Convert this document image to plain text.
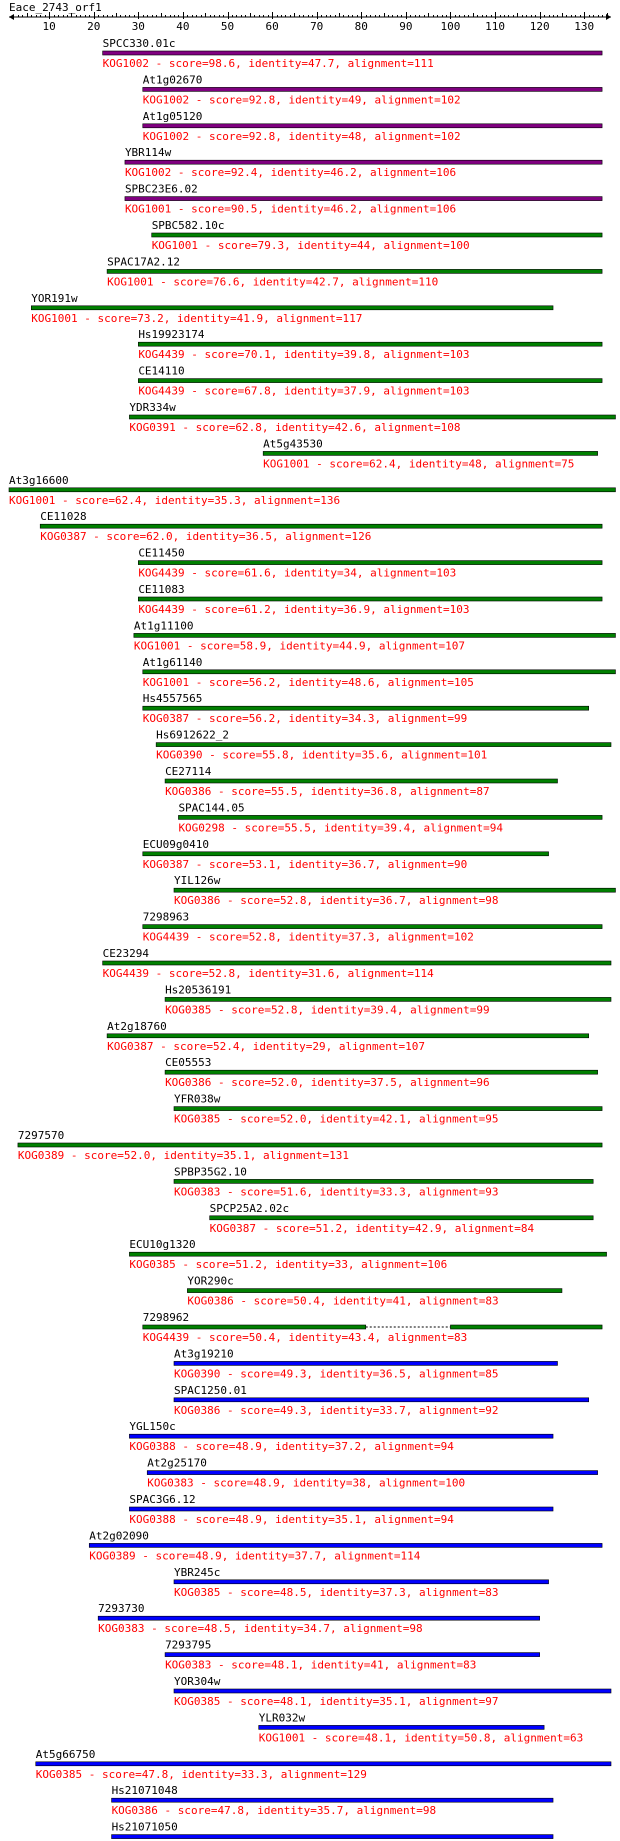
Eace_2743_orf1
10	20	30	40	50	60	70	80	90	100 110 120 130
SPCC330.01c
KOG1002 - score=98.6, identity=47.7, alignment=111
At1g02670
KOG1002 - score=92.8, identity=49, alignment=102
At1g05120
KOG1002 - score=92.8, identity=48, alignment=102
YBR114w
KOG1002 - score=92.4, identity=46.2, alignment=106
SPBC23E6.02
KOG1001 - score=90.5, identity=46.2, alignment=106
SPBC582.10c
KOG1001 - score=79.3, identity=44, alignment=100
SPAC17A2.12
KOG1001 - score=76.6, identity=42.7, alignment=110
YOR191w
KOG1001 - score=73.2, identity=41.9, alignment=117
Hs19923174
KOG4439 - score=70.1, identity=39.8, alignment=103
CE14110
KOG4439 - score=67.8, identity=37.9, alignment=103
YDR334w
KOG0391 - score=62.8, identity=42.6, alignment=108
At5g43530
KOG1001 - score=62.4, identity=48, alignment=75
At3g16600
KOG1001 - score=62.4, identity=35.3, alignment=136
CE11028
KOG0387 - score=62.0, identity=36.5, alignment=126
CE11450
KOG4439 - score=61.6, identity=34, alignment=103
CE11083
KOG4439 - score=61.2, identity=36.9, alignment=103
At1g11100
KOG1001 - score=58.9, identity=44.9, alignment=107
At1g61140
KOG1001 - score=56.2, identity=48.6, alignment=105
Hs4557565
KOG0387 - score=56.2, identity=34.3, alignment=99
Hs6912622_2
KOG0390 - score=55.8, identity=35.6, alignment=101
CE27114
KOG0386 - score=55.5, identity=36.8, alignment=87
SPAC144.05
KOG0298 - score=55.5, identity=39.4, alignment=94
ECU09g0410
KOG0387 - score=53.1, identity=36.7, alignment=90
YIL126w
KOG0386 - score=52.8, identity=36.7, alignment=98
7298963
KOG4439 - score=52.8, identity=37.3, alignment=102
CE23294
KOG4439 - score=52.8, identity=31.6, alignment=114
Hs20536191
KOG0385 - score=52.8, identity=39.4, alignment=99
At2g18760
KOG0387 - score=52.4, identity=29, alignment=107
CE05553
KOG0386 - score=52.0, identity=37.5, alignment=96
YFR038w
KOG0385 - score=52.0, identity=42.1, alignment=95
7297570
KOG0389 - score=52.0, identity=35.1, alignment=131
SPBP35G2.10
KOG0383 - score=51.6, identity=33.3, alignment=93
SPCP25A2.02c
KOG0387 - score=51.2, identity=42.9, alignment=84
ECU10g1320
KOG0385 - score=51.2, identity=33, alignment=106
YOR290c
KOG0386 - score=50.4, identity=41, alignment=83
7298962
KOG4439 - score=50.4, identity=43.4, alignment=83
At3g19210
KOG0390 - score=49.3, identity=36.5, alignment=85
SPAC1250.01
KOG0386 - score=49.3, identity=33.7, alignment=92
YGL150c
KOG0388 - score=48.9, identity=37.2, alignment=94
At2g25170
KOG0383 - score=48.9, identity=38, alignment=100
SPAC3G6.12
KOG0388 - score=48.9, identity=35.1, alignment=94
At2g02090
KOG0389 - score=48.9, identity=37.7, alignment=114
YBR245c
KOG0385 - score=48.5, identity=37.3, alignment=83
7293730
KOG0383 - score=48.5, identity=34.7, alignment=98
7293795
KOG0383 - score=48.1, identity=41, alignment=83
YOR304w
KOG0385 - score=48.1, identity=35.1, alignment=97
YLR032w
KOG1001 - score=48.1, identity=50.8, alignment=63
At5g66750
KOG0385 - score=47.8, identity=33.3, alignment=129
Hs21071048
KOG0386 - score=47.8, identity=35.7, alignment=98
Hs21071050
